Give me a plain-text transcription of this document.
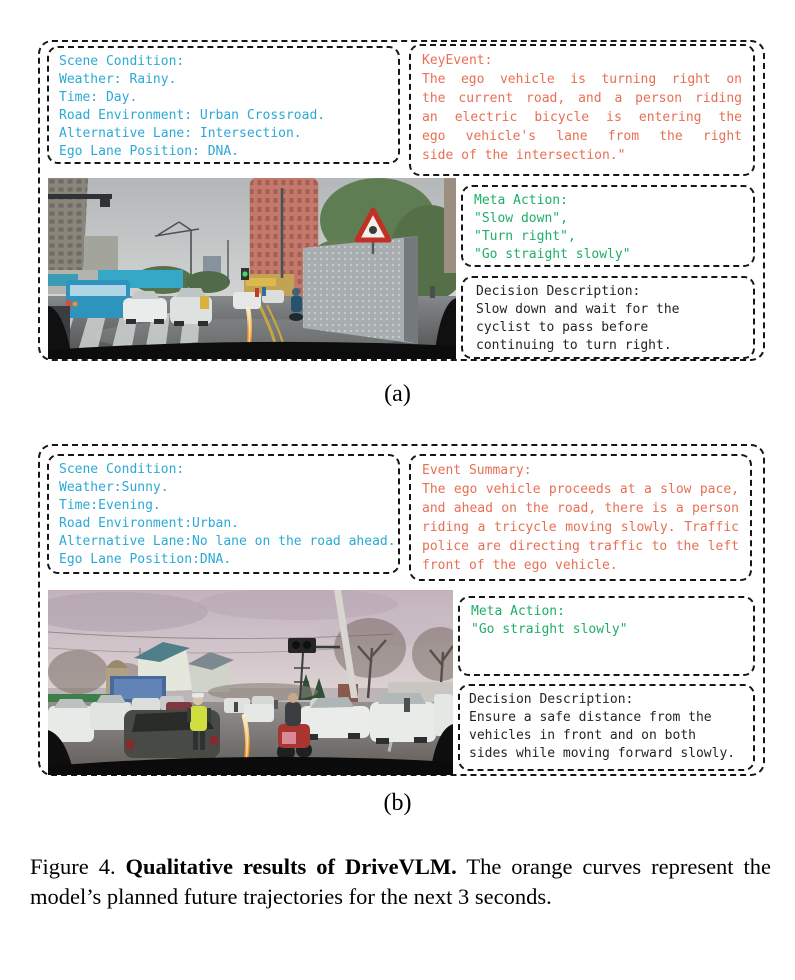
Scene Condition:
Weather: Rainy.
Time: Day.
Road Environment: Urban Crossroad.
Alternative Lane: Intersection.
Ego Lane Position: DNA.
KeyEvent:
The ego vehicle is turning right on
the current road, and a person riding
an electric bicycle is entering the
ego vehicle's lane from the right
side of the intersection."
Meta Action:
"Slow down",
"Turn right",
"Go straight slowly"
Decision Description:
Slow down and wait for the
cyclist to pass before
continuing to turn right.
(a)
Scene Condition:
Weather:Sunny.
Time:Evening.
Road Environment:Urban.
Alternative Lane:No lane on the road ahead.
Ego Lane Position:DNA.
Event Summary:
The ego vehicle proceeds at a slow pace,
and ahead on the road, there is a person
riding a tricycle moving slowly. Traffic
police are directing traffic to the left
front of the ego vehicle.
Meta Action:
"Go straight slowly"
Decision Description:
Ensure a safe distance from the
vehicles in front and on both
sides while moving forward slowly.
(b)
Figure 4. Qualitative results of DriveVLM. The orange curves represent the model’s planned future trajectories for the next 3 seconds.
